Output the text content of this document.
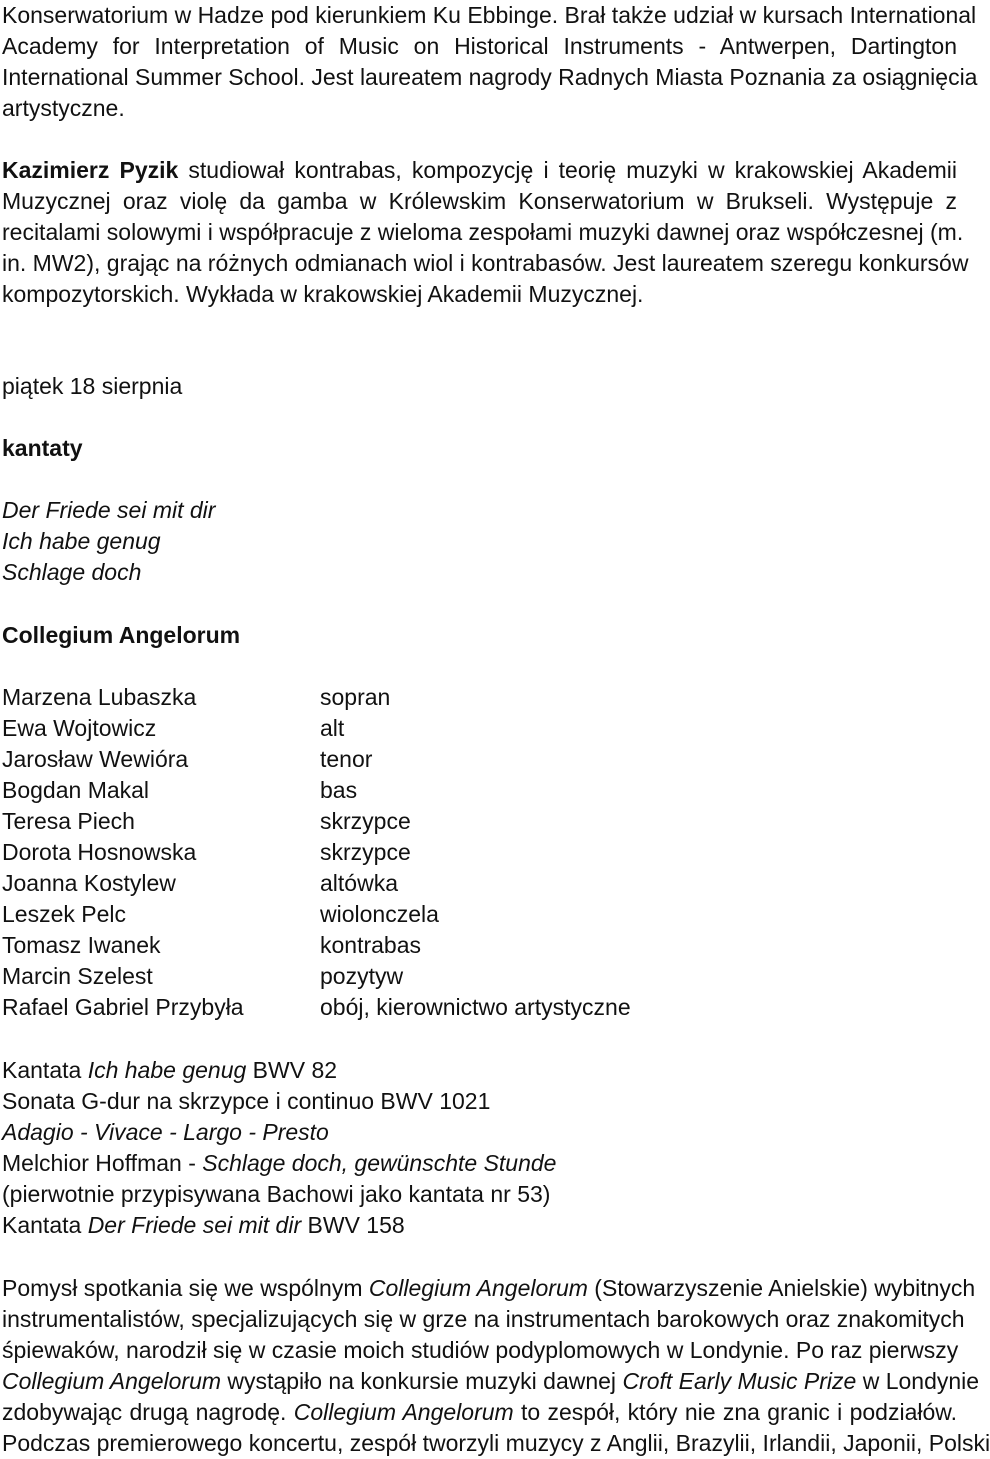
Konserwatorium w Hadze pod kierunkiem Ku Ebbinge. Brał także udział w kursach International
Academy for Interpretation of Music on Historical Instruments - Antwerpen, Dartington
International Summer School. Jest laureatem nagrody Radnych Miasta Poznania za osiągnięcia
artystyczne.
Kazimierz Pyzik studiował kontrabas, kompozycję i teorię muzyki w krakowskiej Akademii
Muzycznej oraz violę da gamba w Królewskim Konserwatorium w Brukseli. Występuje z
recitalami solowymi i współpracuje z wieloma zespołami muzyki dawnej oraz współczesnej (m.
in. MW2), grając na różnych odmianach wiol i kontrabasów. Jest laureatem szeregu konkursów
kompozytorskich. Wykłada w krakowskiej Akademii Muzycznej.
piątek 18 sierpnia
kantaty
Der Friede sei mit dir
Ich habe genug
Schlage doch
Collegium Angelorum
Marzena Lubaszka	sopran
Ewa Wojtowicz	alt
Jarosław Wewióra	tenor
Bogdan Makal	bas
Teresa Piech	skrzypce
Dorota Hosnowska	skrzypce
Joanna Kostylew	altówka
Leszek Pelc	wiolonczela
Tomasz Iwanek	kontrabas
Marcin Szelest	pozytyw
Rafael Gabriel Przybyła	obój, kierownictwo artystyczne
Kantata Ich habe genug BWV 82
Sonata G-dur na skrzypce i continuo BWV 1021
Adagio - Vivace - Largo - Presto
Melchior Hoffman - Schlage doch, gewünschte Stunde
(pierwotnie przypisywana Bachowi jako kantata nr 53)
Kantata Der Friede sei mit dir BWV 158
Pomysł spotkania się we wspólnym Collegium Angelorum (Stowarzyszenie Anielskie) wybitnych
instrumentalistów, specjalizujących się w grze na instrumentach barokowych oraz znakomitych
śpiewaków, narodził się w czasie moich studiów podyplomowych w Londynie. Po raz pierwszy
Collegium Angelorum wystąpiło na konkursie muzyki dawnej Croft Early Music Prize w Londynie
zdobywając drugą nagrodę. Collegium Angelorum to zespół, który nie zna granic i podziałów.
Podczas premierowego koncertu, zespół tworzyli muzycy z Anglii, Brazylii, Irlandii, Japonii, Polski
